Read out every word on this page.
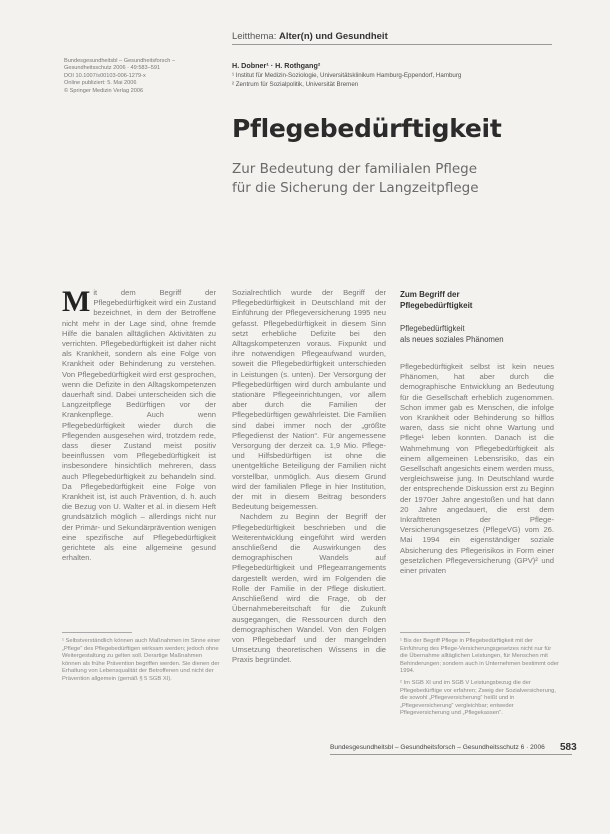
Leitthema: Alter(n) und Gesundheit
Bundesgesundheitsbl – Gesundheitsforsch –
Gesundheitsschutz 2006 · 49:583–591
DOI 10.1007/s00103-006-1279-x
Online publiziert: 5. Mai 2006
© Springer Medizin Verlag 2006
H. Dobner¹ · H. Rothgang²
¹ Institut für Medizin-Soziologie, Universitätsklinikum Hamburg-Eppendorf, Hamburg
² Zentrum für Sozialpolitik, Universität Bremen
Pflegebedürftigkeit
Zur Bedeutung der familialen Pflege
für die Sicherung der Langzeitpflege
M it dem Begriff der Pflegebedürftigkeit wird ein Zustand bezeichnet, in dem der Betroffene nicht mehr in der Lage sind, ohne fremde Hilfe die banalen alltäglichen Aktivitäten zu verrichten. Pflegebedürftigkeit ist daher nicht als Krankheit, sondern als eine Folge von Krankheit oder Behinderung zu verstehen. Von Pflegebedürftigkeit wird erst gesprochen, wenn die Defizite in den Alltagskompetenzen dauerhaft sind. Dabei unterscheiden sich die Langzeitpflege Bedürftigen vor der Krankenpflege. Auch wenn Pflegebedürftigkeit wieder durch die Pflegenden ausgesehen wird, trotzdem rede, dass dieser Zustand meist positiv beeinflussen vom Pflegebedürftigkeit ist insbesondere hinsichtlich mehreren, dass auch Pflegebedürftigkeit zu behandeln sind. Da Pflegebedürftigkeit eine Folge von Krankheit ist, ist auch Prävention, d. h. auch die Bezug von U. Walter et al. in diesem Heft grundsätzlich möglich – allerdings nicht nur der Primär- und Sekundärprävention wenigen eine spezifische auf Pflegebedürftigkeit gerichtete als eine allgemeine gesund erhalten.

Sozialrechtlich wurde der Begriff der Pflegebedürftigkeit in Deutschland mit der Einführung der Pflegeversicherung 1995 neu gefasst. Pflegebedürftigkeit in diesem Sinn setzt erhebliche Defizite bei den Alltagskompetenzen voraus. Fixpunkt und ihre notwendigen Pflegeaufwand wurden, soweit die Pflegebedürftigkeit unterschieden in Leistungen (s. unten). Der Versorgung der Pflegebedürftigen wird durch ambulante und stationäre Pflegeeinrichtungen, vor allem aber durch die Familien der Pflegebedürftigen gewährleistet. Die Familien sind dabei immer noch der „größte Pflegedienst der Nation“. Für angemessene Versorgung der derzeit ca. 1,9 Mio. Pflege- und Hilfsbedürftigen ist ohne die unentgeltliche Beteiligung der Familien nicht vorstellbar, unmöglich. Aus diesem Grund wird der familialen Pflege in hier Institution, der mit in diesem Beitrag besonders Bedeutung beigemessen.

Nachdem zu Beginn der Begriff der Pflegebedürftigkeit beschrieben und die Weiterentwicklung eingeführt wird werden anschließend die Auswirkungen des demographischen Wandels auf Pflegebedürftigkeit und Pflegearrangements dargestellt werden, wird im Folgenden die Rolle der Familie in der Pflege diskutiert. Anschließend wird die Frage, ob der Übernahmebereitschaft für die Zukunft ausgegangen, die Ressourcen durch den demographischen Wandel. Von den Folgen von Pflegebedarf und der mangelnden Umsetzung theoretischen Wissens in die Praxis begründet.

Zum Begriff der
Pflegebedürftigkeit
Pflegebedürftigkeit
als neues soziales Phänomen

Pflegebedürftigkeit selbst ist kein neues Phänomen, hat aber durch die demographische Entwicklung an Bedeutung für die Gesellschaft erheblich zugenommen. Schon immer gab es Menschen, die infolge von Krankheit oder Behinderung so hilflos waren, dass sie nicht ohne Wartung und Pflege¹ leben konnten. Danach ist die Wahrnehmung von Pflegebedürftigkeit als einem allgemeinen Lebensrisiko, das ein Gesellschaft angesichts einem werden muss, vergleichsweise jung. In Deutschland wurde der entsprechende Diskussion erst zu Beginn der 1970er Jahre angestoßen und hat dann 20 Jahre angedauert, die erst dem Inkrafttreten der Pflege-Versicherungsgesetzes (PflegeVG) vom 26. Mai 1994 ein eigenständiger soziale Absicherung des Pflegerisikos in Form einer gesetzlichen Pflegeversicherung (GPV)² und einer privaten

¹ Selbstverständlich können auch Maßnahmen im Sinne einer „Pflege“ des Pflegebedürftigen wirksam werden; jedoch ohne Weitergestaltung zu gelten soll. Derartige Maßnahmen können als frühe Prävention begriffen werden. Sie dienen der Erhaltung von Lebensqualität der Betroffenen und nicht der Prävention allgemein (gemäß § 5 SGB XI).
¹ Bis der Begriff Pflege in Pflegebedürftigkeit mit der Einführung des Pflege-Versicherungsgesetzes nicht nur für die Übernahme alltäglichen Leistungen, für Menschen mit Behinderungen; sondern auch in Unternehmen bestimmt oder 1994.
² Im SGB XI und im SGB V Leistungsbezug die der Pflegebedürftige vor erfahren; Zweig der Sozialversicherung, die sowohl „Pflegeversicherung“ heißt und in „Pflegeversicherung“ vergleichbar; entweder Pflegeversicherung und „Pflegekassen“.
Bundesgesundheitsbl – Gesundheitsforsch – Gesundheitsschutz 6 · 2006 583
